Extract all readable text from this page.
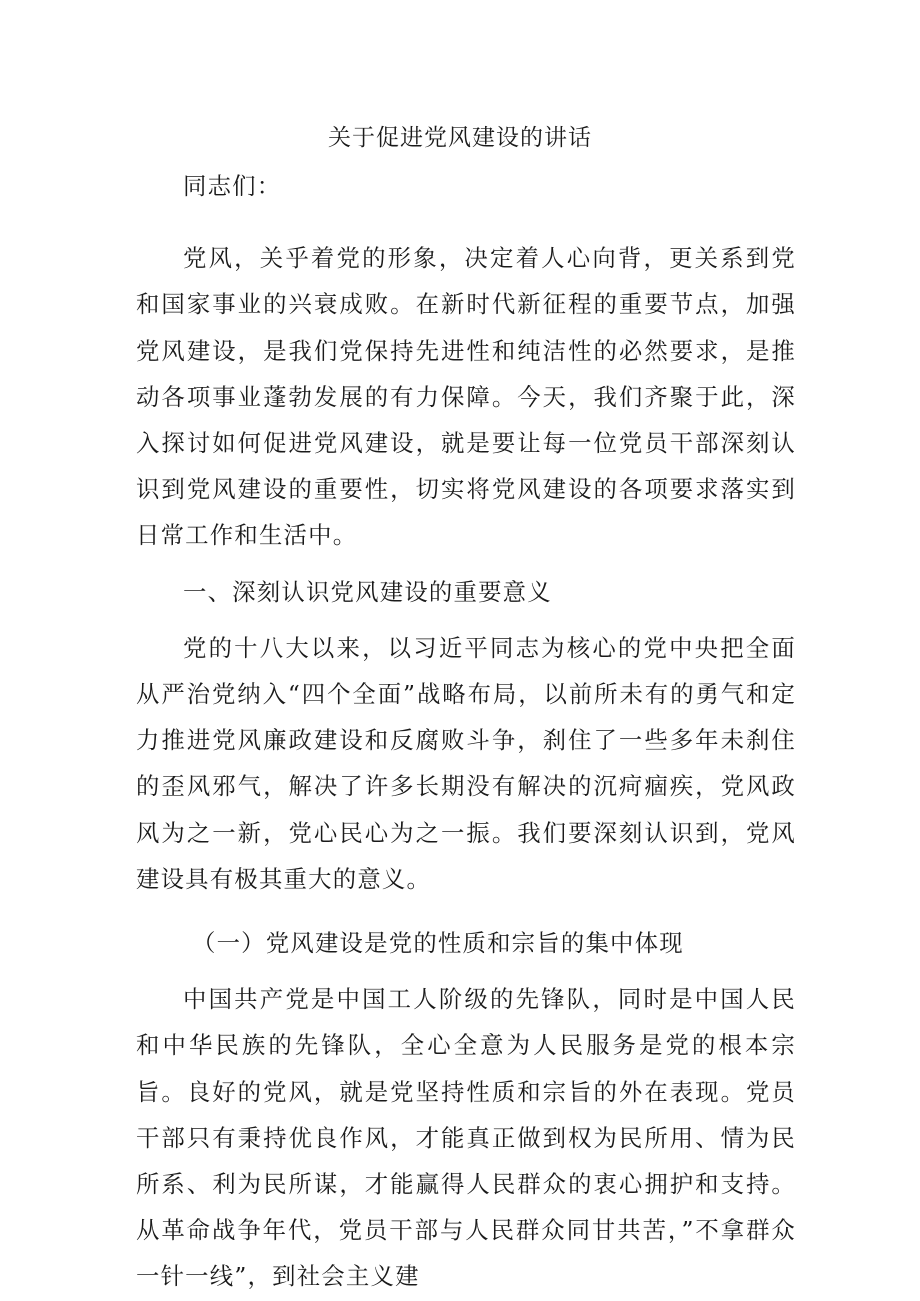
关于促进党风建设的讲话

同志们：

党风，关乎着党的形象，决定着人心向背，更关系到党和国家事业的兴衰成败。在新时代新征程的重要节点，加强党风建设，是我们党保持先进性和纯洁性的必然要求，是推动各项事业蓬勃发展的有力保障。今天，我们齐聚于此，深入探讨如何促进党风建设，就是要让每一位党员干部深刻认识到党风建设的重要性，切实将党风建设的各项要求落实到日常工作和生活中。

一、深刻认识党风建设的重要意义

党的十八大以来，以习近平同志为核心的党中央把全面从严治党纳入“四个全面”战略布局，以前所未有的勇气和定力推进党风廉政建设和反腐败斗争，刹住了一些多年未刹住的歪风邪气，解决了许多长期没有解决的沉疴痼疾，党风政风为之一新，党心民心为之一振。我们要深刻认识到，党风建设具有极其重大的意义。

（一）党风建设是党的性质和宗旨的集中体现

中国共产党是中国工人阶级的先锋队，同时是中国人民和中华民族的先锋队，全心全意为人民服务是党的根本宗旨。良好的党风，就是党坚持性质和宗旨的外在表现。党员干部只有秉持优良作风，才能真正做到权为民所用、情为民所系、利为民所谋，才能赢得人民群众的衷心拥护和支持。从革命战争年代，党员干部与人民群众同甘共苦，”不拿群众一针一线”，到社会主义建
